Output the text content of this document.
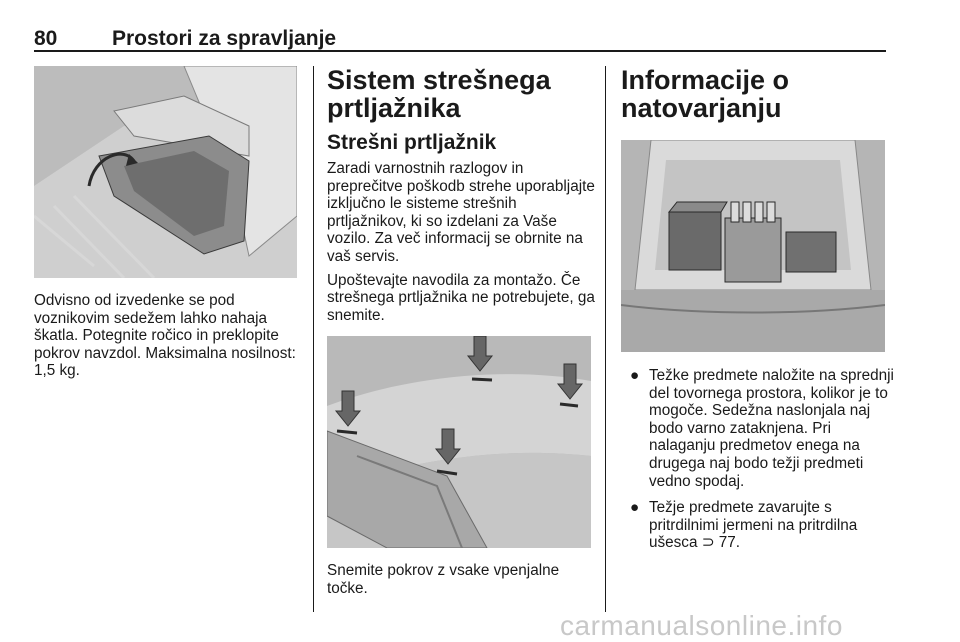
80	Prostori za spravljanje

Odvisno od izvedenke se pod voznikovim sedežem lahko nahaja škatla. Potegnite ročico in preklopite pokrov navzdol. Maksimalna nosilnost: 1,5 kg.

Sistem strešnega prtljažnika
Strešni prtljažnik

Zaradi varnostnih razlogov in preprečitve poškodb strehe uporabljajte izključno le sisteme strešnih prtljažnikov, ki so izdelani za Vaše vozilo. Za več informacij se obrnite na vaš servis.

Upoštevajte navodila za montažo. Če strešnega prtljažnika ne potrebujete, ga snemite.

Snemite pokrov z vsake vpenjalne točke.

Informacije o natovarjanju
● Težke predmete naložite na sprednji del tovornega prostora, kolikor je to mogoče. Sedežna naslonjala naj bodo varno zataknjena. Pri nalaganju predmetov enega na drugega naj bodo težji predmeti vedno spodaj.
● Težje predmete zavarujte s pritrdilnimi jermeni na pritrdilna ušesca ⊃ 77.
carmanualsonline.info
